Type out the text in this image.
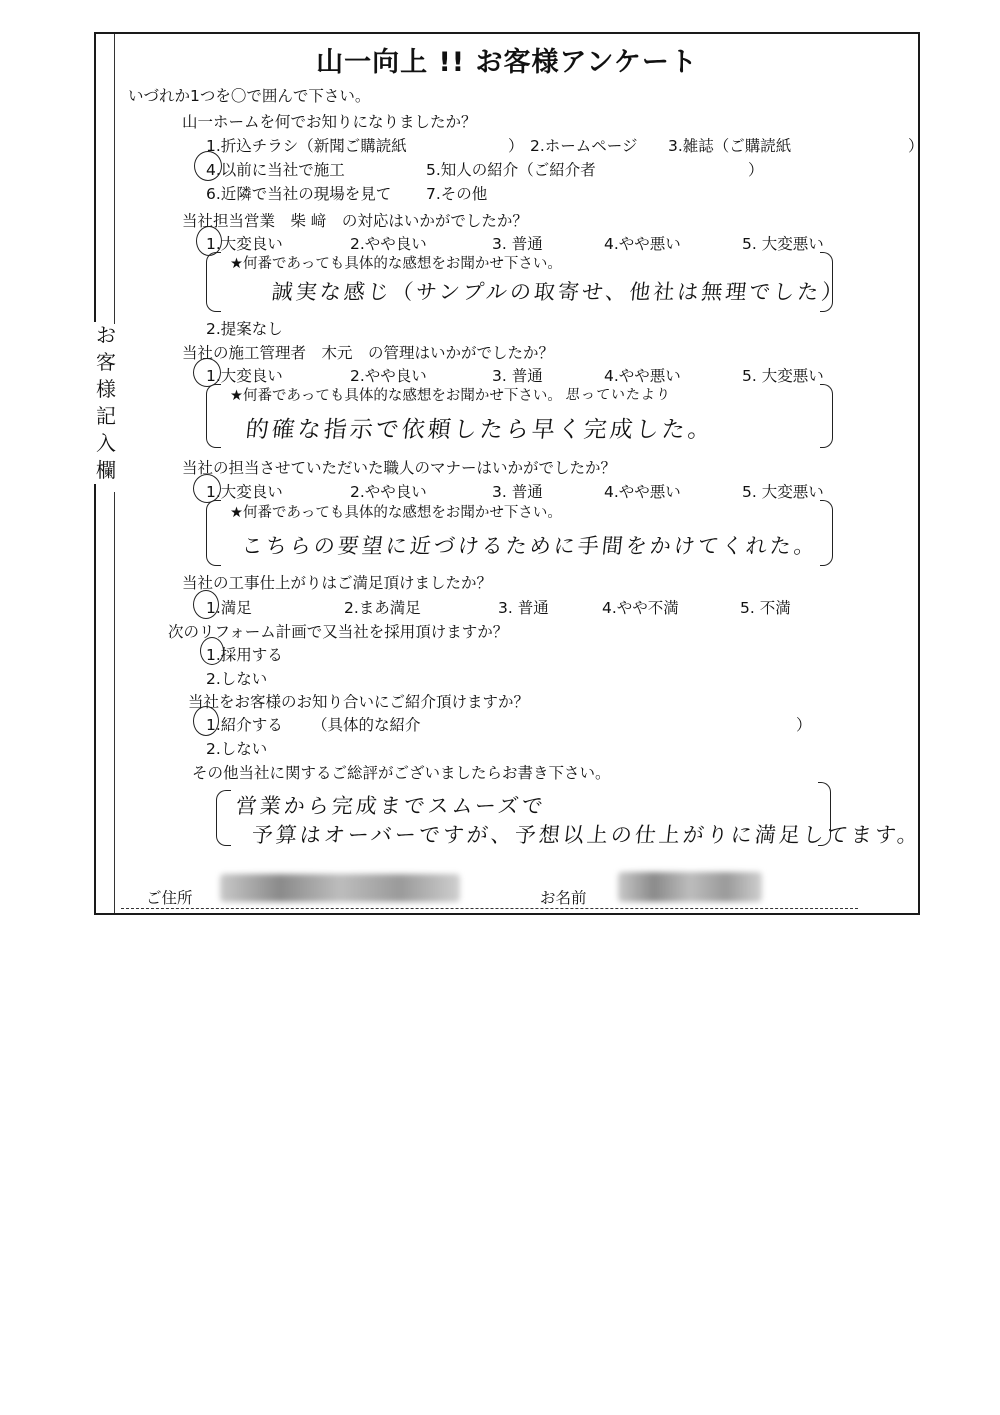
お
客
様
記
入
欄
山一向上 !! お客様アンケート
いづれか1つを〇で囲んで下さい。
山一ホームを何でお知りになりましたか？
1.折込チラシ（新聞ご購読紙	） 2.ホームページ 3.雑誌（ご購読紙	）
4.以前に当社で施工	5.知人の紹介（ご紹介者	）
6.近隣で当社の現場を見て 7.その他
当社担当営業　柴 﨑　の対応はいかがでしたか？
1.大変良い	2.やや良い	3. 普通	4.やや悪い	5. 大変悪い
★何番であっても具体的な感想をお聞かせ下さい。
誠実な感じ（サンプルの取寄せ、他社は無理でした）
2.提案なし
当社の施工管理者　木元　の管理はいかがでしたか？
1.大変良い	2.やや良い	3. 普通	4.やや悪い	5. 大変悪い
★何番であっても具体的な感想をお聞かせ下さい。 思っていたより
的確な指示で依頼したら早く完成した。
当社の担当させていただいた職人のマナーはいかがでしたか？
1.大変良い	2.やや良い	3. 普通	4.やや悪い	5. 大変悪い
★何番であっても具体的な感想をお聞かせ下さい。
こちらの要望に近づけるために手間をかけてくれた。
当社の工事仕上がりはご満足頂けましたか？
1.満足	2.まあ満足	3. 普通	4.やや不満	5. 不満
次のリフォーム計画で又当社を採用頂けますか？
1.採用する
2.しない
当社をお客様のお知り合いにご紹介頂けますか？
1.紹介する （具体的な紹介	）
2.しない
その他当社に関するご総評がございましたらお書き下さい。
営業から完成までスムーズで
予算はオーバーですが、予想以上の仕上がりに満足してます。
ご住所	お名前
